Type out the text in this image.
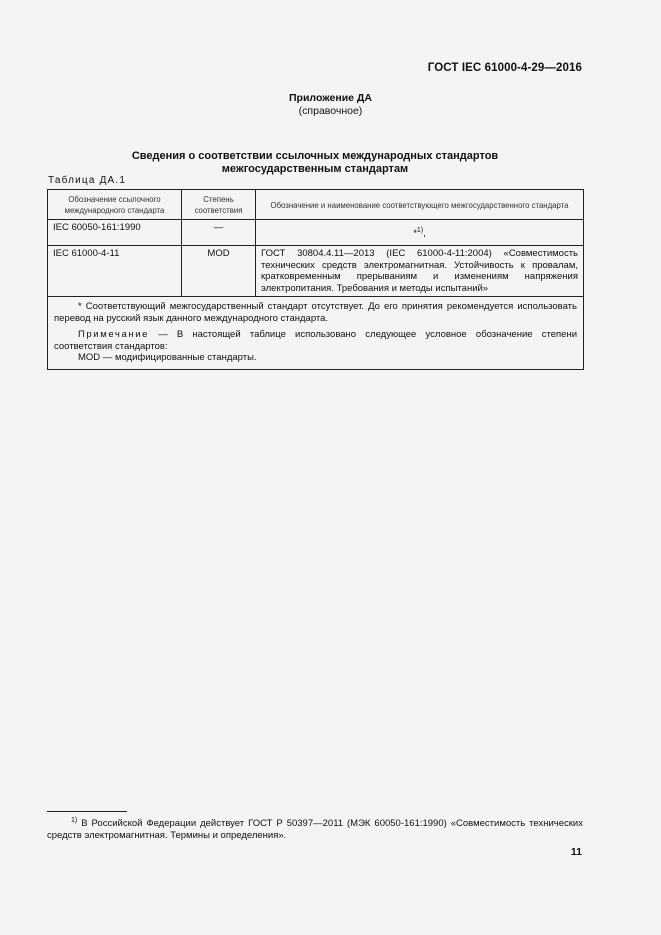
ГОСТ IEC 61000-4-29—2016
Приложение ДА
(справочное)
Сведения о соответствии ссылочных международных стандартов
межгосударственным стандартам
Таблица ДА.1
Обозначение ссылочного международного стандарта	Степень соответствия	Обозначение и наименование соответствующего межгосударственного стандарта
IEC 60050-161:1990	—	*$^{1)}$,
IEC 61000-4-11	MOD	ГОСТ 30804.4.11—2013 (IEC 61000-4-11:2004) «Совместимость технических средств электромагнитная. Устойчивость к провалам, кратковременным прерываниям и изменениям напряжения электропитания. Требования и методы испытаний»

* Соответствующий межгосударственный стандарт отсутствует. До его принятия рекомендуется использовать перевод на русский язык данного международного стандарта.

Примечание — В настоящей таблице использовано следующее условное обозначение степени соответствия стандартов:

MOD — модифицированные стандарты.		

$^{1)}$ В Российской Федерации действует ГОСТ Р 50397—2011 (МЭК 60050-161:1990) «Совместимость технических средств электромагнитная. Термины и определения».
11
